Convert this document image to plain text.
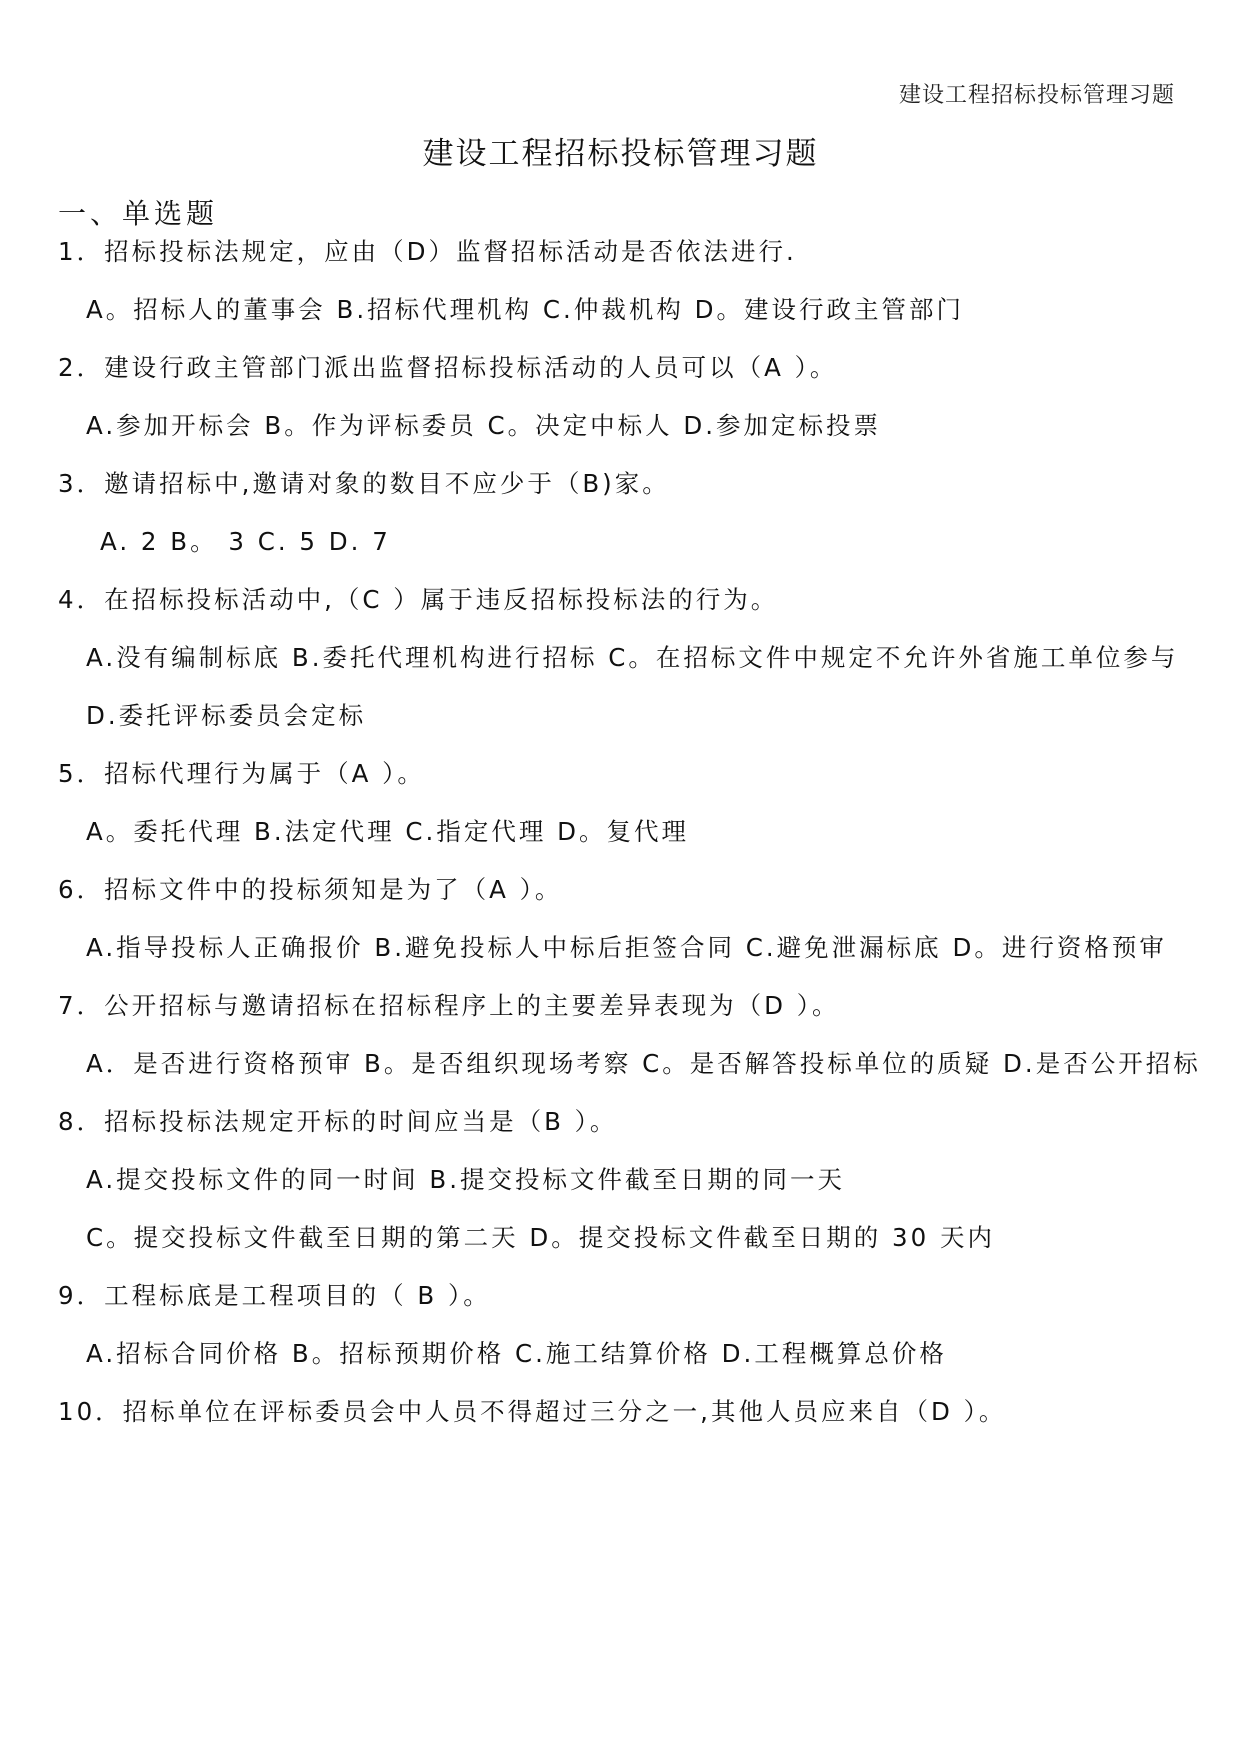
建设工程招标投标管理习题
建设工程招标投标管理习题
一、单选题
1．招标投标法规定，应由（D）监督招标活动是否依法进行.
A。招标人的董事会 B.招标代理机构 C.仲裁机构 D。建设行政主管部门
2．建设行政主管部门派出监督招标投标活动的人员可以（A ）。
A.参加开标会 B。作为评标委员 C。决定中标人 D.参加定标投票
3．邀请招标中,邀请对象的数目不应少于（B)家。
A. 2 B。 3 C. 5 D. 7
4．在招标投标活动中,（C ）属于违反招标投标法的行为。
A.没有编制标底 B.委托代理机构进行招标 C。在招标文件中规定不允许外省施工单位参与
D.委托评标委员会定标
5．招标代理行为属于（A ）。
A。委托代理 B.法定代理 C.指定代理 D。复代理
6．招标文件中的投标须知是为了（A ）。
A.指导投标人正确报价 B.避免投标人中标后拒签合同 C.避免泄漏标底 D。进行资格预审
7．公开招标与邀请招标在招标程序上的主要差异表现为（D ）。
A．是否进行资格预审 B。是否组织现场考察 C。是否解答投标单位的质疑 D.是否公开招标
8．招标投标法规定开标的时间应当是（B ）。
A.提交投标文件的同一时间 B.提交投标文件截至日期的同一天
C。提交投标文件截至日期的第二天 D。提交投标文件截至日期的 30 天内
9．工程标底是工程项目的（ B ）。
A.招标合同价格 B。招标预期价格 C.施工结算价格 D.工程概算总价格
10．招标单位在评标委员会中人员不得超过三分之一,其他人员应来自（D ）。
